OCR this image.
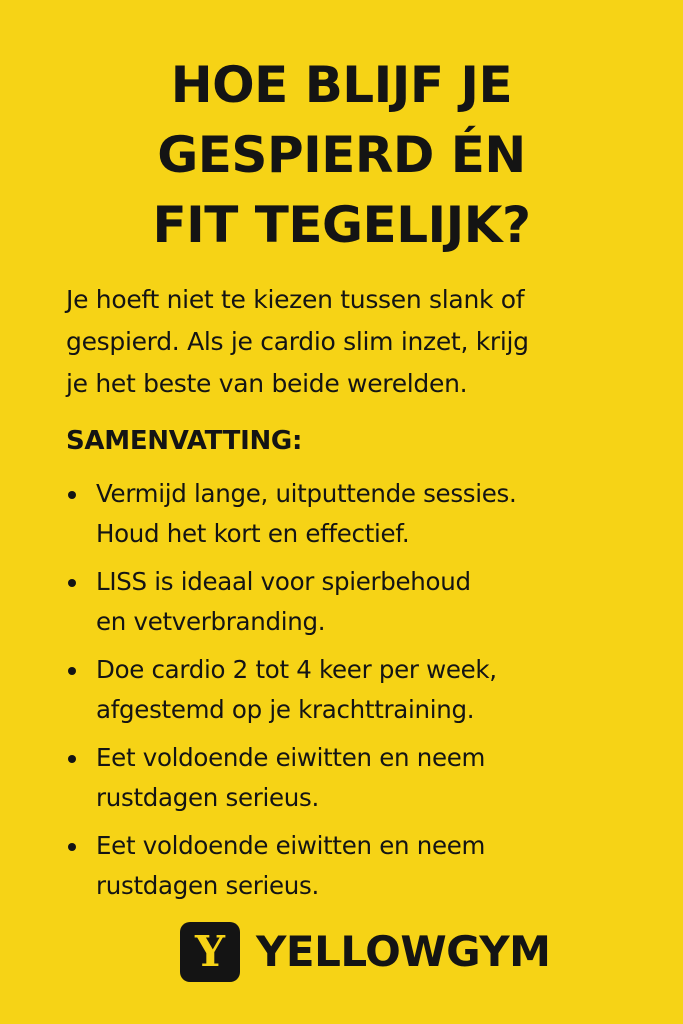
HOE BLIJF JE
GESPIERD ÉN
FIT TEGELIJK?

Je hoeft niet te kiezen tussen slank of
gespierd. Als je cardio slim inzet, krijg
je het beste van beide werelden.

SAMENVATTING:
Vermijd lange, uitputtende sessies.
Houd het kort en effectief.
LISS is ideaal voor spierbehoud
en vetverbranding.
Doe cardio 2 tot 4 keer per week,
afgestemd op je krachttraining.
Eet voldoende eiwitten en neem
rustdagen serieus.
Eet voldoende eiwitten en neem
rustdagen serieus.
Y YELLOWGYM
